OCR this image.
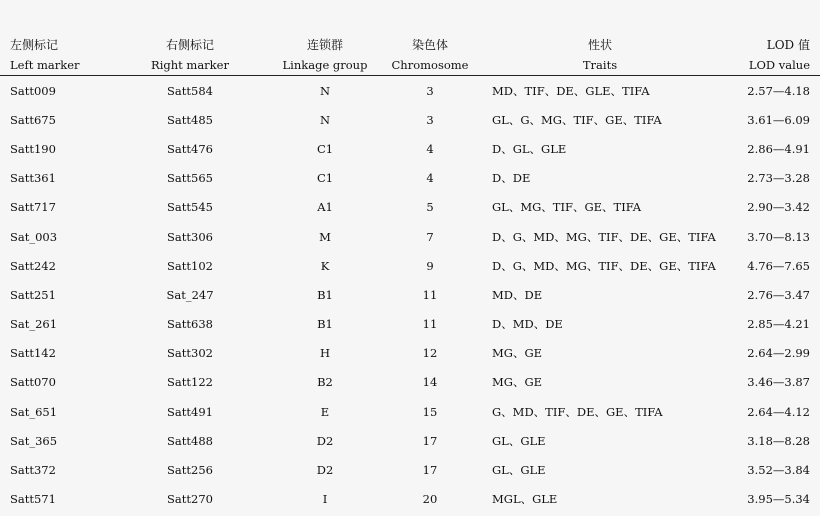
左侧标记	右侧标记	连锁群	染色体	性状	LOD 值
Left marker	Right marker	Linkage group	Chromosome	Traits	LOD value
Satt009	Satt584	N	3	MD、TIF、DE、GLE、TIFA	2.57—4.18
Satt675	Satt485	N	3	GL、G、MG、TIF、GE、TIFA	3.61—6.09
Satt190	Satt476	C1	4	D、GL、GLE	2.86—4.91
Satt361	Satt565	C1	4	D、DE	2.73—3.28
Satt717	Satt545	A1	5	GL、MG、TIF、GE、TIFA	2.90—3.42
Sat_003	Satt306	M	7	D、G、MD、MG、TIF、DE、GE、TIFA	3.70—8.13
Satt242	Satt102	K	9	D、G、MD、MG、TIF、DE、GE、TIFA	4.76—7.65
Satt251	Sat_247	B1	11	MD、DE	2.76—3.47
Sat_261	Satt638	B1	11	D、MD、DE	2.85—4.21
Satt142	Satt302	H	12	MG、GE	2.64—2.99
Satt070	Satt122	B2	14	MG、GE	3.46—3.87
Sat_651	Satt491	E	15	G、MD、TIF、DE、GE、TIFA	2.64—4.12
Sat_365	Satt488	D2	17	GL、GLE	3.18—8.28
Satt372	Satt256	D2	17	GL、GLE	3.52—3.84
Satt571	Satt270	I	20	MGL、GLE	3.95—5.34
